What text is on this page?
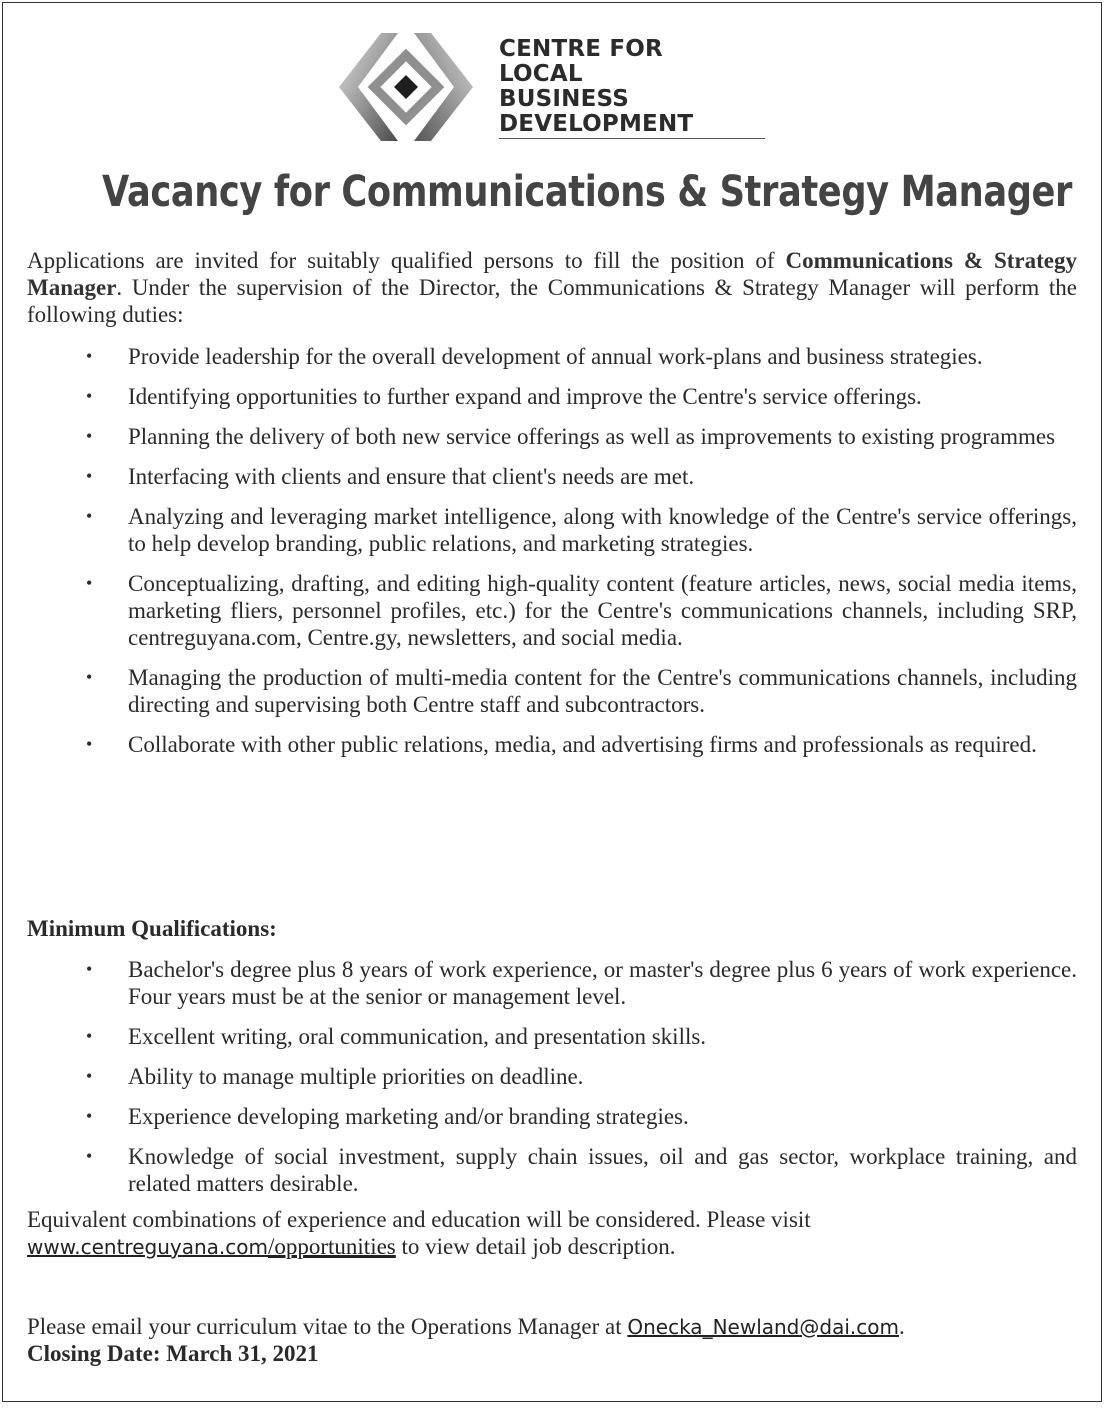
CENTRE FOR
LOCAL
BUSINESS
DEVELOPMENT
Vacancy for Communications & Strategy Manager
Applications are invited for suitably qualified persons to fill the position of Communications & Strategy Manager. Under the supervision of the Director, the Communications & Strategy Manager will perform the following duties:
• Provide leadership for the overall development of annual work-plans and business strategies.
• Identifying opportunities to further expand and improve the Centre's service offerings.
• Planning the delivery of both new service offerings as well as improvements to existing programmes
• Interfacing with clients and ensure that client's needs are met.
• Analyzing and leveraging market intelligence, along with knowledge of the Centre's service offerings, to help develop branding, public relations, and marketing strategies.
• Conceptualizing, drafting, and editing high-quality content (feature articles, news, social media items, marketing fliers, personnel profiles, etc.) for the Centre's communications channels, including SRP, centreguyana.com, Centre.gy, newsletters, and social media.
• Managing the production of multi-media content for the Centre's communications channels, including directing and supervising both Centre staff and subcontractors.
• Collaborate with other public relations, media, and advertising firms and professionals as required.
Minimum Qualifications:
• Bachelor's degree plus 8 years of work experience, or master's degree plus 6 years of work experience. Four years must be at the senior or management level.
• Excellent writing, oral communication, and presentation skills.
• Ability to manage multiple priorities on deadline.
• Experience developing marketing and/or branding strategies.
• Knowledge of social investment, supply chain issues, oil and gas sector, workplace training, and related matters desirable.
Equivalent combinations of experience and education will be considered. Please visit
www.centreguyana.com/opportunities to view detail job description.
Please email your curriculum vitae to the Operations Manager at Onecka_Newland@dai.com.
Closing Date: March 31, 2021
